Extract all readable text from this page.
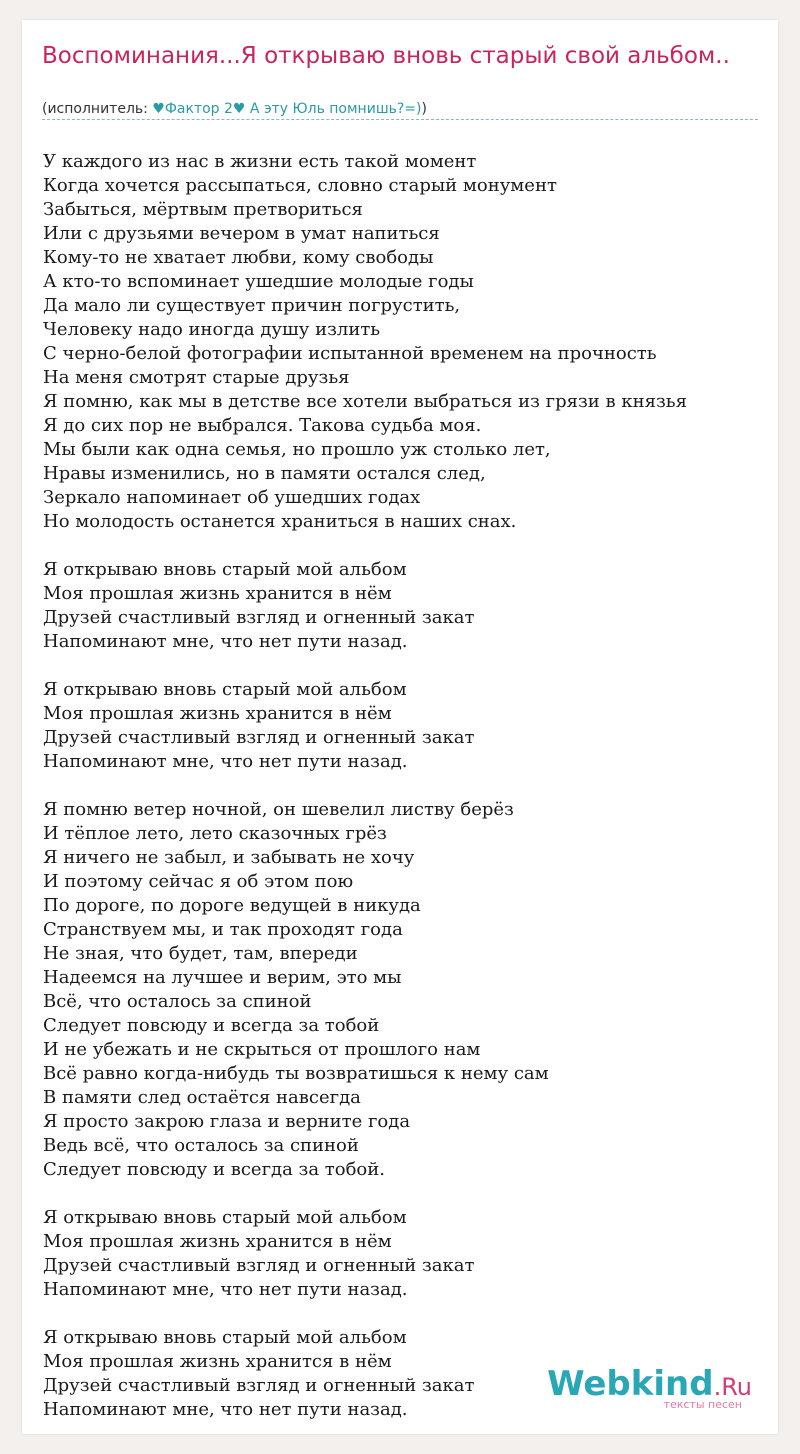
Воспоминания...Я открываю вновь старый свой альбом..
(исполнитель: ♥Фактор 2♥ А эту Юль помнишь?=))
У каждого из нас в жизни есть такой момент
Когда хочется рассыпаться, словно старый монумент
Забыться, мёртвым претвориться
Или с друзьями вечером в умат напиться
Кому-то не хватает любви, кому свободы
А кто-то вспоминает ушедшие молодые годы
Да мало ли существует причин погрустить,
Человеку надо иногда душу излить
С черно-белой фотографии испытанной временем на прочность
На меня смотрят старые друзья
Я помню, как мы в детстве все хотели выбраться из грязи в князья
Я до сих пор не выбрался. Такова судьба моя.
Мы были как одна семья, но прошло уж столько лет,
Нравы изменились, но в памяти остался след,
Зеркало напоминает об ушедших годах
Но молодость останется храниться в наших снах.
Я открываю вновь старый мой альбом
Моя прошлая жизнь хранится в нём
Друзей счастливый взгляд и огненный закат
Напоминают мне, что нет пути назад.
Я открываю вновь старый мой альбом
Моя прошлая жизнь хранится в нём
Друзей счастливый взгляд и огненный закат
Напоминают мне, что нет пути назад.
Я помню ветер ночной, он шевелил листву берёз
И тёплое лето, лето сказочных грёз
Я ничего не забыл, и забывать не хочу
И поэтому сейчас я об этом пою
По дороге, по дороге ведущей в никуда
Странствуем мы, и так проходят года
Не зная, что будет, там, впереди
Надеемся на лучшее и верим, это мы
Всё, что осталось за спиной
Следует повсюду и всегда за тобой
И не убежать и не скрыться от прошлого нам
Всё равно когда-нибудь ты возвратишься к нему сам
В памяти след остаётся навсегда
Я просто закрою глаза и верните года
Ведь всё, что осталось за спиной
Следует повсюду и всегда за тобой.
Я открываю вновь старый мой альбом
Моя прошлая жизнь хранится в нём
Друзей счастливый взгляд и огненный закат
Напоминают мне, что нет пути назад.
Я открываю вновь старый мой альбом
Моя прошлая жизнь хранится в нём
Друзей счастливый взгляд и огненный закат
Напоминают мне, что нет пути назад.
Webkind.Ru
тексты песен
